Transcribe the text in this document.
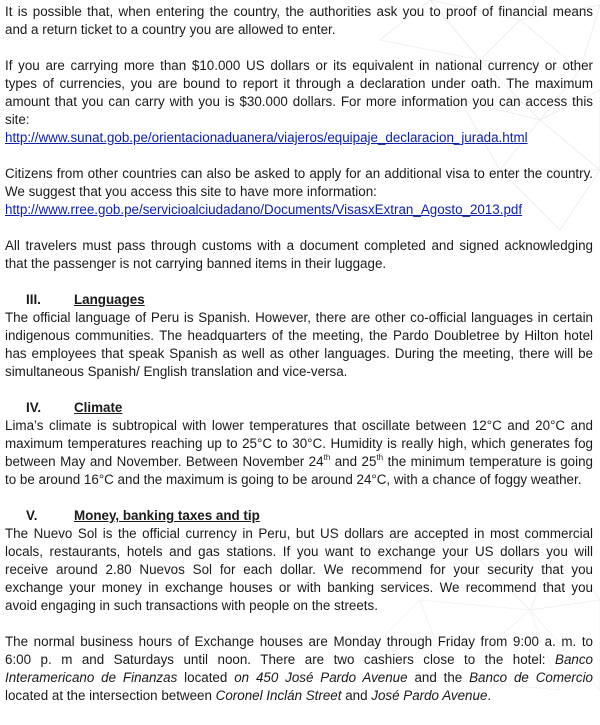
It is possible that, when entering the country, the authorities ask you to proof of financial means and a return ticket to a country you are allowed to enter.

If you are carrying more than $10.000 US dollars or its equivalent in national currency or other types of currencies, you are bound to report it through a declaration under oath. The maximum amount that you can carry with you is $30.000 dollars. For more information you can access this site:
http://www.sunat.gob.pe/orientacionaduanera/viajeros/equipaje_declaracion_jurada.html

Citizens from other countries can also be asked to apply for an additional visa to enter the country. We suggest that you access this site to have more information:
http://www.rree.gob.pe/servicioalciudadano/Documents/VisasxExtran_Agosto_2013.pdf

All travelers must pass through customs with a document completed and signed acknowledging that the passenger is not carrying banned items in their luggage.

III.	Languages

The official language of Peru is Spanish. However, there are other co-official languages in certain indigenous communities. The headquarters of the meeting, the Pardo Doubletree by Hilton hotel has employees that speak Spanish as well as other languages. During the meeting, there will be simultaneous Spanish/ English translation and vice-versa.

IV.	Climate

Lima’s climate is subtropical with lower temperatures that oscillate between 12°C and 20°C and maximum temperatures reaching up to 25°C to 30°C. Humidity is really high, which generates fog between May and November. Between November 24th and 25th the minimum temperature is going to be around 16°C and the maximum is going to be around 24°C, with a chance of foggy weather.

V.	Money, banking taxes and tip

The Nuevo Sol is the official currency in Peru, but US dollars are accepted in most commercial locals, restaurants, hotels and gas stations. If you want to exchange your US dollars you will receive around 2.80 Nuevos Sol for each dollar. We recommend for your security that you exchange your money in exchange houses or with banking services. We recommend that you avoid engaging in such transactions with people on the streets.

The normal business hours of Exchange houses are Monday through Friday from 9:00 a. m. to 6:00 p. m and Saturdays until noon. There are two cashiers close to the hotel: Banco Interamericano de Finanzas located on 450 José Pardo Avenue and the Banco de Comercio located at the intersection between Coronel Inclán Street and José Pardo Avenue.
